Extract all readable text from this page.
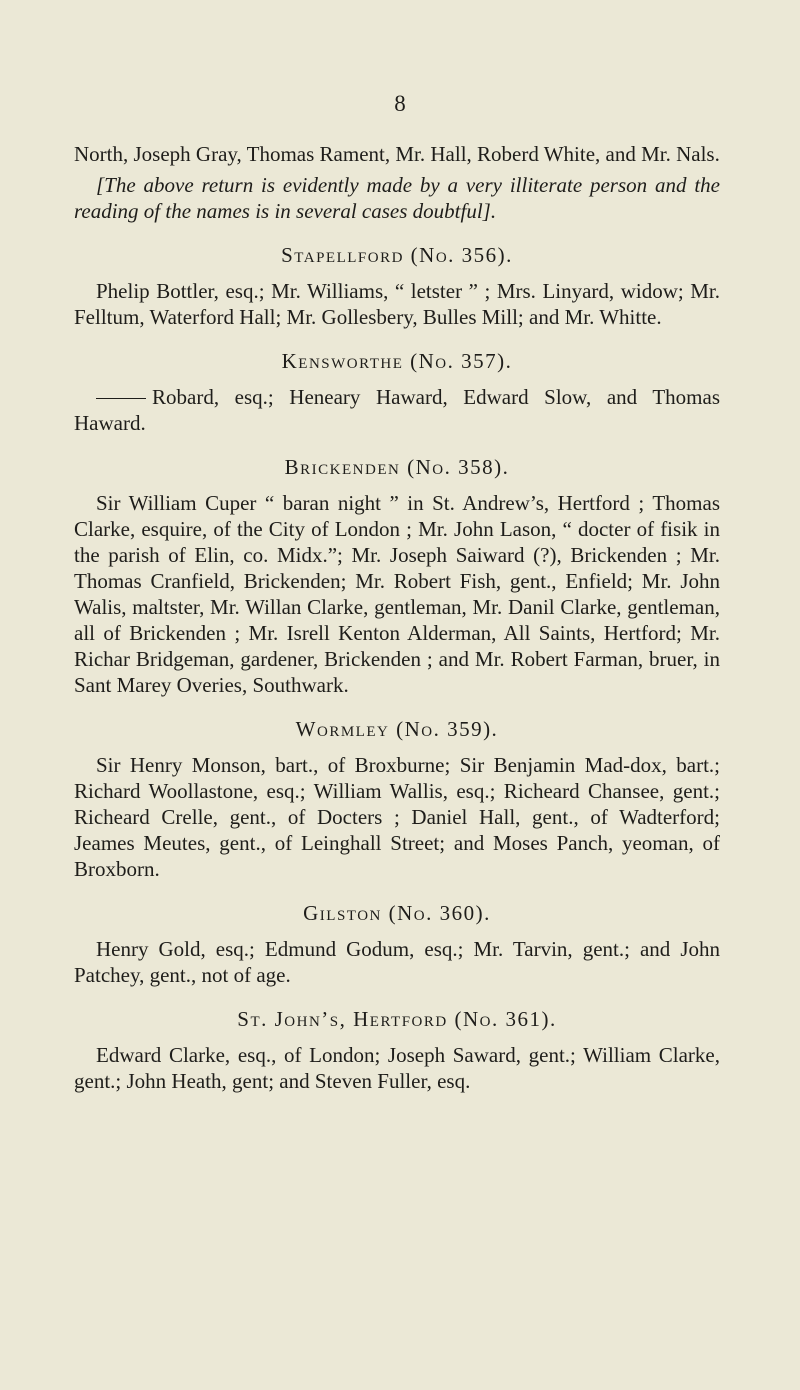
8

North, Joseph Gray, Thomas Rament, Mr. Hall, Roberd White, and Mr. Nals.

[The above return is evidently made by a very illiterate person and the reading of the names is in several cases doubtful].

Stapellford (No. 356).

Phelip Bottler, esq.; Mr. Williams, “ letster ” ; Mrs. Linyard, widow; Mr. Felltum, Waterford Hall; Mr. Gollesbery, Bulles Mill; and Mr. Whitte.

Kensworthe (No. 357).

Robard, esq.; Heneary Haward, Edward Slow, and Thomas Haward.

Brickenden (No. 358).

Sir William Cuper “ baran night ” in St. Andrew’s, Hertford ; Thomas Clarke, esquire, of the City of London ; Mr. John Lason, “ docter of fisik in the parish of Elin, co. Midx.”; Mr. Joseph Saiward (?), Brickenden ; Mr. Thomas Cranfield, Brickenden; Mr. Robert Fish, gent., Enfield; Mr. John Walis, maltster, Mr. Willan Clarke, gentleman, Mr. Danil Clarke, gentleman, all of Brickenden ; Mr. Isrell Kenton Alderman, All Saints, Hertford; Mr. Richar Bridgeman, gardener, Brickenden ; and Mr. Robert Farman, bruer, in Sant Marey Overies, Southwark.

Wormley (No. 359).

Sir Henry Monson, bart., of Broxburne; Sir Benjamin Mad-dox, bart.; Richard Woollastone, esq.; William Wallis, esq.; Richeard Chansee, gent.; Richeard Crelle, gent., of Docters ; Daniel Hall, gent., of Wadterford; Jeames Meutes, gent., of Leinghall Street; and Moses Panch, yeoman, of Broxborn.

Gilston (No. 360).

Henry Gold, esq.; Edmund Godum, esq.; Mr. Tarvin, gent.; and John Patchey, gent., not of age.

St. John’s, Hertford (No. 361).

Edward Clarke, esq., of London; Joseph Saward, gent.; William Clarke, gent.; John Heath, gent; and Steven Fuller, esq.
